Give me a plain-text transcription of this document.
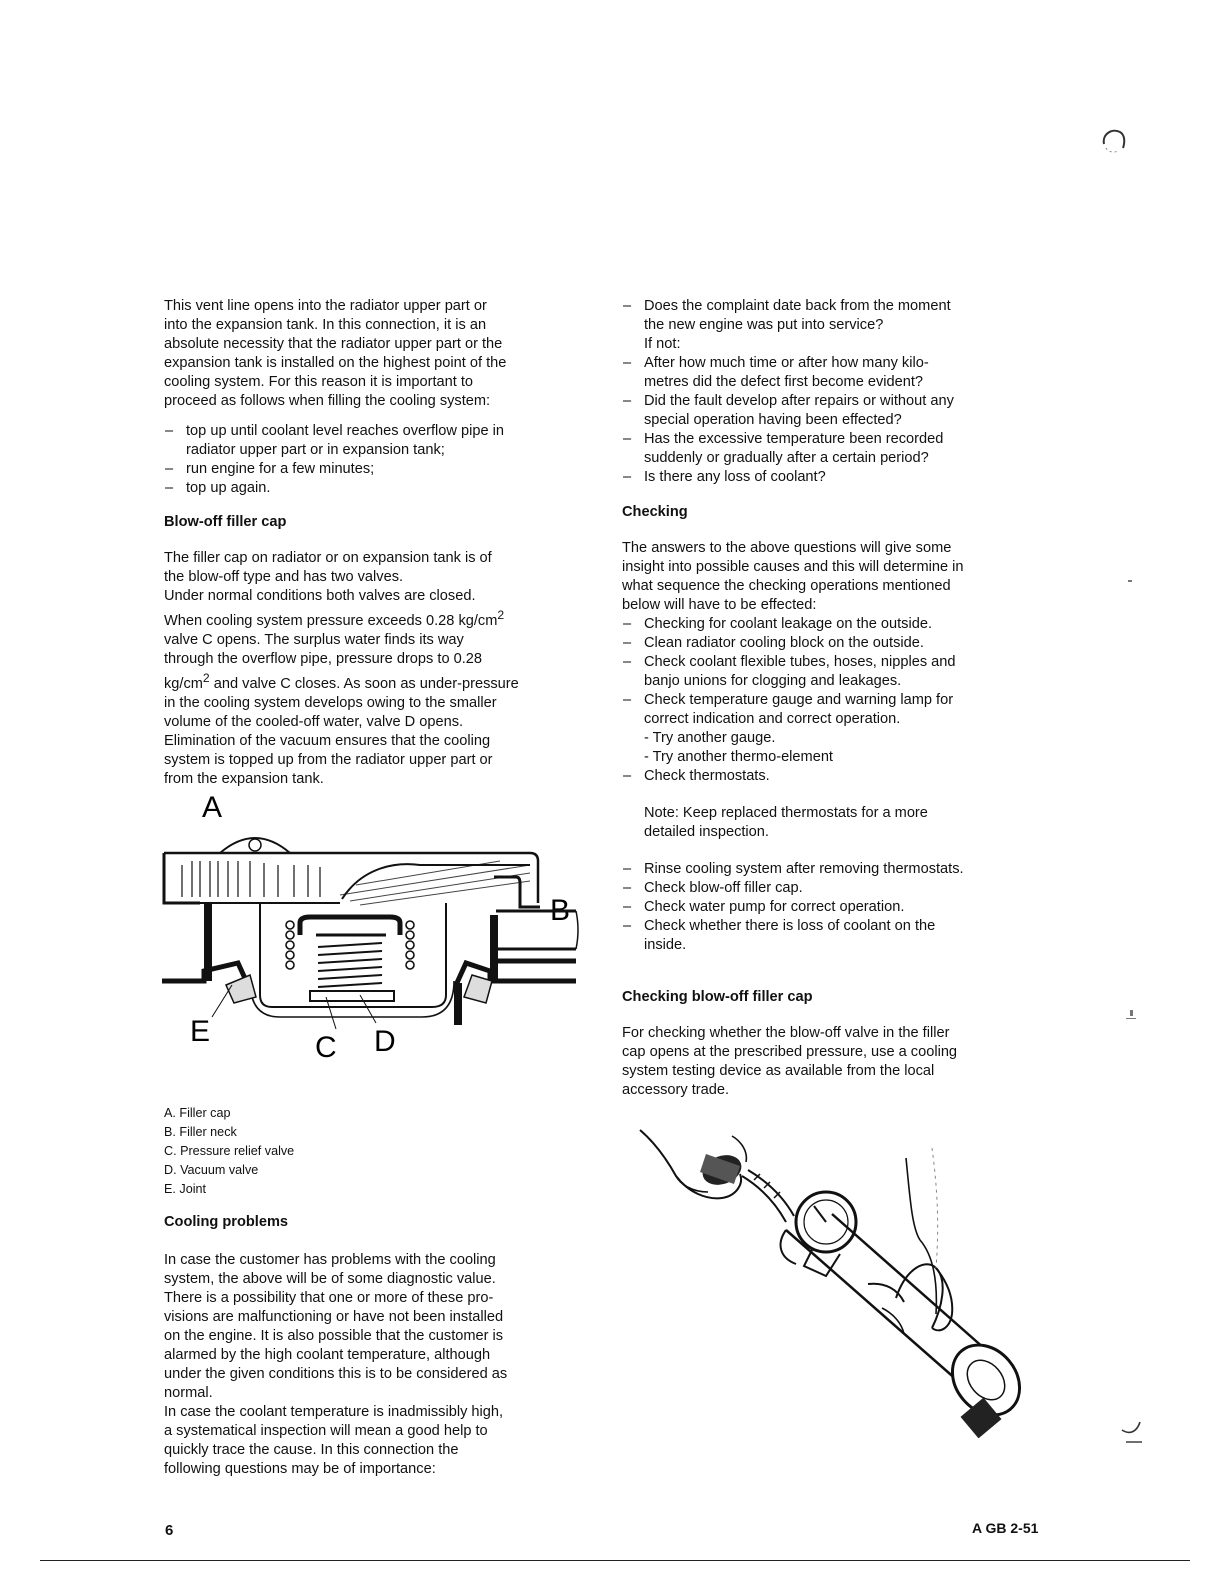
This vent line opens into the radiator upper part or
into the expansion tank. In this connection, it is an
absolute necessity that the radiator upper part or the
expansion tank is installed on the highest point of the
cooling system. For this reason it is important to
proceed as follows when filling the cooling system:

– top up until coolant level reaches overflow pipe in
radiator upper part or in expansion tank;
– run engine for a few minutes;
– top up again.

Blow-off filler cap

The filler cap on radiator or on expansion tank is of
the blow-off type and has two valves.
Under normal conditions both valves are closed.
When cooling system pressure exceeds 0.28 $kg/cm^2$
valve C opens. The surplus water finds its way
through the overflow pipe, pressure drops to 0.28
$kg/cm^2$ and valve C closes. As soon as under-pressure
in the cooling system develops owing to the smaller
volume of the cooled-off water, valve D opens.
Elimination of the vacuum ensures that the cooling
system is topped up from the radiator upper part or
from the expansion tank.

A. Filler cap
B. Filler neck
C. Pressure relief valve
D. Vacuum valve
E. Joint

Cooling problems

In case the customer has problems with the cooling
system, the above will be of some diagnostic value.
There is a possibility that one or more of these pro-
visions are malfunctioning or have not been installed
on the engine. It is also possible that the customer is
alarmed by the high coolant temperature, although
under the given conditions this is to be considered as
normal.
In case the coolant temperature is inadmissibly high,
a systematical inspection will mean a good help to
quickly trace the cause. In this connection the
following questions may be of importance:

A
B
C D
E
– Does the complaint date back from the moment
the new engine was put into service?
If not:
– After how much time or after how many kilo-
metres did the defect first become evident?
– Did the fault develop after repairs or without any
special operation having been effected?
– Has the excessive temperature been recorded
suddenly or gradually after a certain period?
– Is there any loss of coolant?

Checking

The answers to the above questions will give some
insight into possible causes and this will determine in
what sequence the checking operations mentioned
below will have to be effected:

– Checking for coolant leakage on the outside.
– Clean radiator cooling block on the outside.
– Check coolant flexible tubes, hoses, nipples and
banjo unions for clogging and leakages.
– Check temperature gauge and warning lamp for
correct indication and correct operation.
- Try another gauge.
- Try another thermo-element
– Check thermostats.

Note: Keep replaced thermostats for a more
detailed inspection.

– Rinse cooling system after removing thermostats.
– Check blow-off filler cap.
– Check water pump for correct operation.
– Check whether there is loss of coolant on the
inside.

Checking blow-off filler cap

For checking whether the blow-off valve in the filler
cap opens at the prescribed pressure, use a cooling
system testing device as available from the local
accessory trade.

6	A GB 2-51
